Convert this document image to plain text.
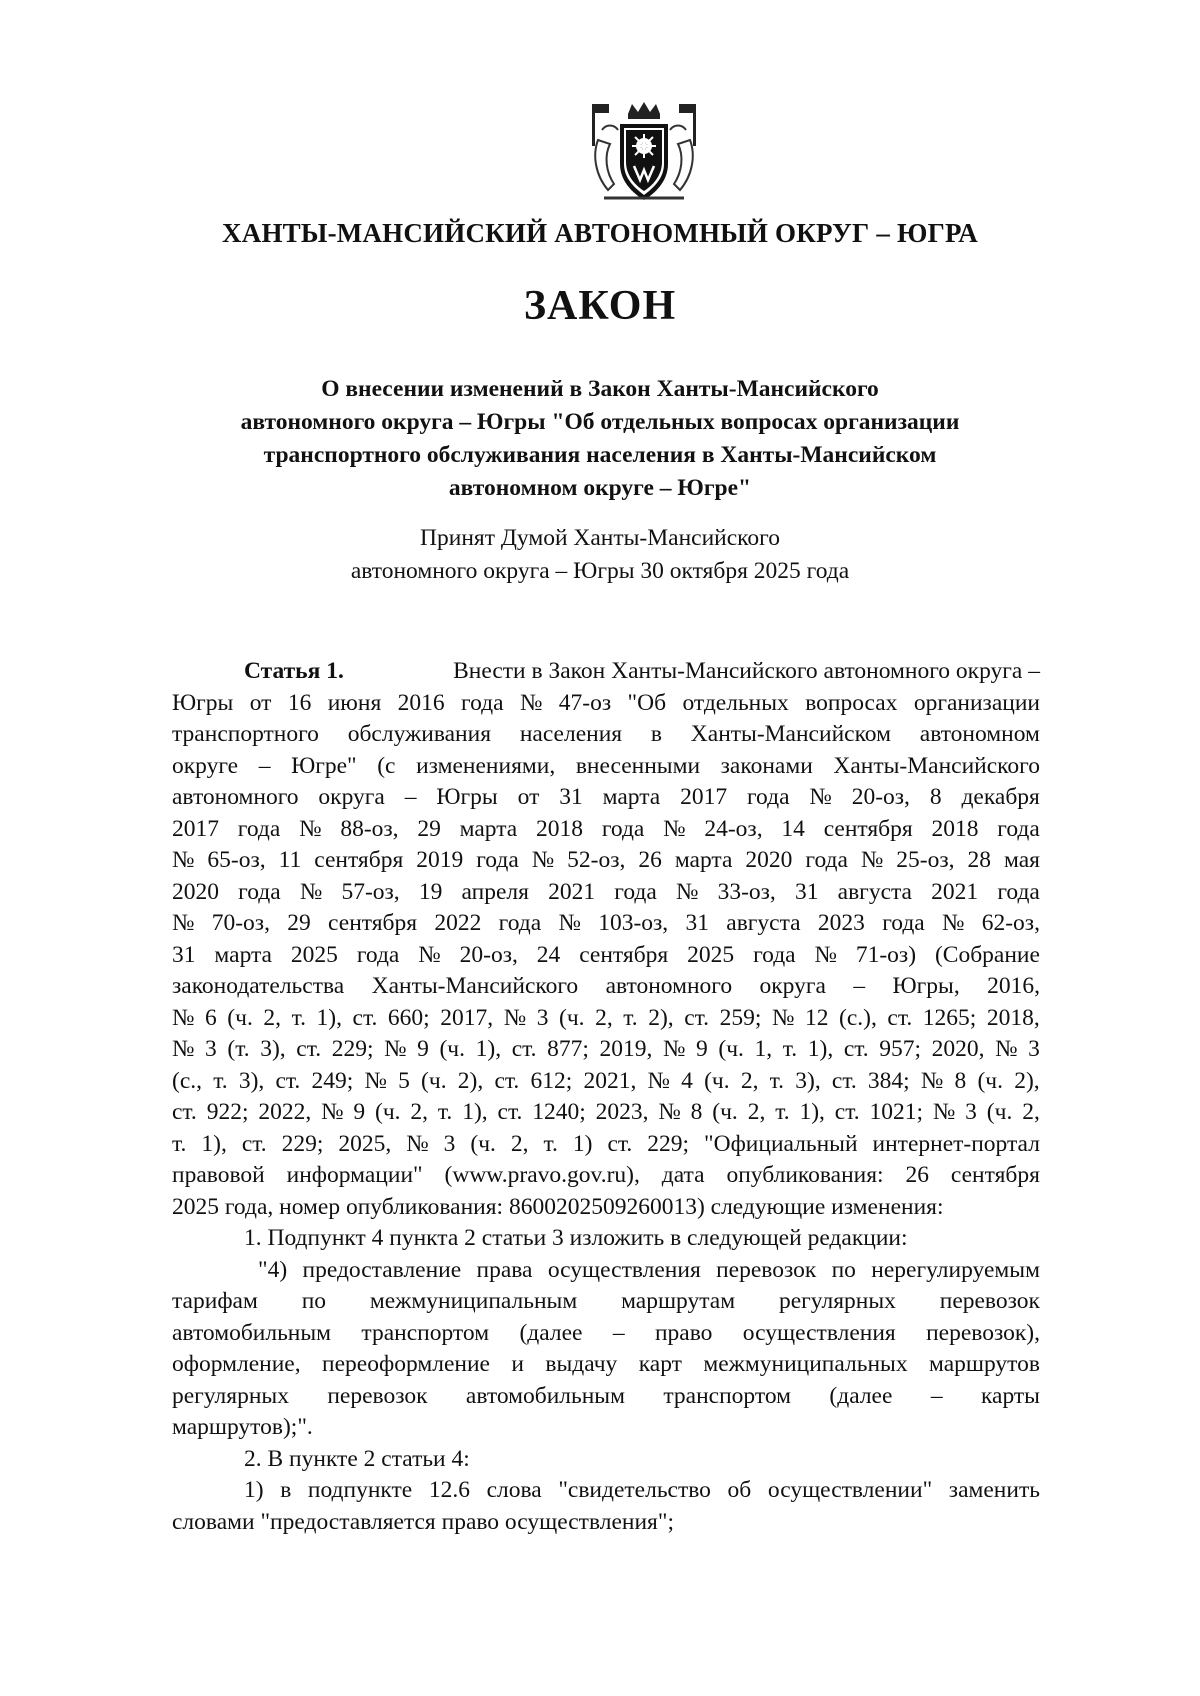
ХАНТЫ-МАНСИЙСКИЙ АВТОНОМНЫЙ ОКРУГ – ЮГРА
ЗАКОН
О внесении изменений в Закон Ханты-Мансийского
автономного округа – Югры "Об отдельных вопросах организации
транспортного обслуживания населения в Ханты-Мансийском
автономном округе – Югре"
Принят Думой Ханты-Мансийского
автономного округа – Югры 30 октября 2025 года
Статья 1.
	Внести в Закон Ханты-Мансийского автономного округа –
Югры от 16 июня 2016 года № 47-оз "Об отдельных вопросах организации
транспортного обслуживания населения в Ханты-Мансийском автономном
округе – Югре" (с изменениями, внесенными законами Ханты-Мансийского
автономного округа – Югры от 31 марта 2017 года № 20-оз, 8 декабря
2017 года № 88-оз, 29 марта 2018 года № 24-оз, 14 сентября 2018 года
№ 65-оз, 11 сентября 2019 года № 52-оз, 26 марта 2020 года № 25-оз, 28 мая
2020 года № 57-оз, 19 апреля 2021 года № 33-оз, 31 августа 2021 года
№ 70-оз, 29 сентября 2022 года № 103-оз, 31 августа 2023 года № 62-оз,
31 марта 2025 года № 20-оз, 24 сентября 2025 года № 71-оз) (Собрание
законодательства Ханты-Мансийского автономного округа – Югры, 2016,
№ 6 (ч. 2, т. 1), ст. 660; 2017, № 3 (ч. 2, т. 2), ст. 259; № 12 (с.), ст. 1265; 2018,
№ 3 (т. 3), ст. 229; № 9 (ч. 1), ст. 877; 2019, № 9 (ч. 1, т. 1), ст. 957; 2020, № 3
(с., т. 3), ст. 249; № 5 (ч. 2), ст. 612; 2021, № 4 (ч. 2, т. 3), ст. 384; № 8 (ч. 2),
ст. 922; 2022, № 9 (ч. 2, т. 1), ст. 1240; 2023, № 8 (ч. 2, т. 1), ст. 1021; № 3 (ч. 2,
т. 1), ст. 229; 2025, № 3 (ч. 2, т. 1) ст. 229; "Официальный интернет-портал
правовой информации" (www.pravo.gov.ru), дата опубликования: 26 сентября
2025 года, номер опубликования: 8600202509260013) следующие изменения:
1. Подпункт 4 пункта 2 статьи 3 изложить в следующей редакции:
"4) предоставление права осуществления перевозок по нерегулируемым
тарифам по межмуниципальным маршрутам регулярных перевозок
автомобильным транспортом (далее – право осуществления перевозок),
оформление, переоформление и выдачу карт межмуниципальных маршрутов
регулярных перевозок автомобильным транспортом (далее – карты
маршрутов);".
2. В пункте 2 статьи 4:
1) в подпункте 12.6 слова "свидетельство об осуществлении" заменить
словами "предоставляется право осуществления";
